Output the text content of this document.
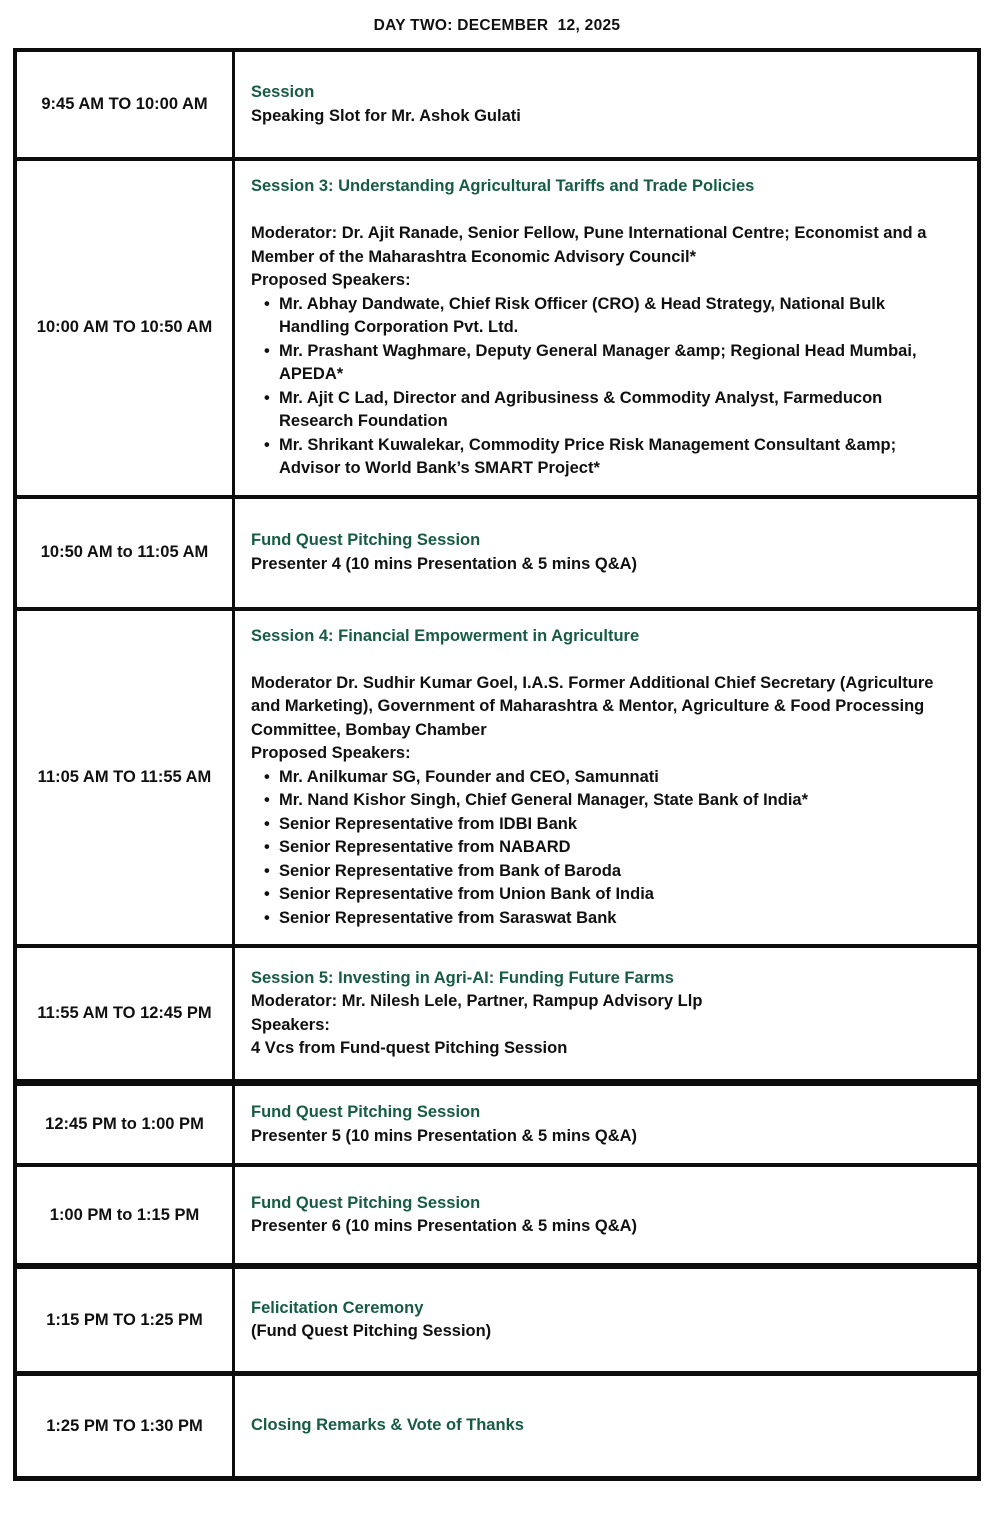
DAY TWO: DECEMBER  12, 2025
9:45 AM TO 10:00 AM

Session

Speaking Slot for Mr. Ashok Gulati

10:00 AM TO 10:50 AM

Session 3: Understanding Agricultural Tariffs and Trade Policies

Moderator: Dr. Ajit Ranade, Senior Fellow, Pune International Centre; Economist and a Member of the Maharashtra Economic Advisory Council*

Proposed Speakers:

• Mr. Abhay Dandwate, Chief Risk Officer (CRO) & Head Strategy, National Bulk Handling Corporation Pvt. Ltd.
• Mr. Prashant Waghmare, Deputy General Manager &amp; Regional Head Mumbai, APEDA*
• Mr. Ajit C Lad, Director and Agribusiness & Commodity Analyst, Farmeducon Research Foundation
• Mr. Shrikant Kuwalekar, Commodity Price Risk Management Consultant &amp; Advisor to World Bank’s SMART Project*
10:50 AM to 11:05 AM

Fund Quest Pitching Session

Presenter 4 (10 mins Presentation & 5 mins Q&A)

11:05 AM TO 11:55 AM

Session 4: Financial Empowerment in Agriculture

Moderator Dr. Sudhir Kumar Goel, I.A.S. Former Additional Chief Secretary (Agriculture and Marketing), Government of Maharashtra & Mentor, Agriculture & Food Processing Committee, Bombay Chamber

Proposed Speakers:

• Mr. Anilkumar SG, Founder and CEO, Samunnati
• Mr. Nand Kishor Singh, Chief General Manager, State Bank of India*
• Senior Representative from IDBI Bank
• Senior Representative from NABARD
• Senior Representative from Bank of Baroda
• Senior Representative from Union Bank of India
• Senior Representative from Saraswat Bank
11:55 AM TO 12:45 PM

Session 5: Investing in Agri-AI: Funding Future Farms

Moderator: Mr. Nilesh Lele, Partner, Rampup Advisory Llp

Speakers:

4 Vcs from Fund-quest Pitching Session

12:45 PM to 1:00 PM

Fund Quest Pitching Session

Presenter 5 (10 mins Presentation & 5 mins Q&A)

1:00 PM to 1:15 PM

Fund Quest Pitching Session

Presenter 6 (10 mins Presentation & 5 mins Q&A)

1:15 PM TO 1:25 PM

Felicitation Ceremony

(Fund Quest Pitching Session)

1:25 PM TO 1:30 PM	Closing Remarks & Vote of Thanks
